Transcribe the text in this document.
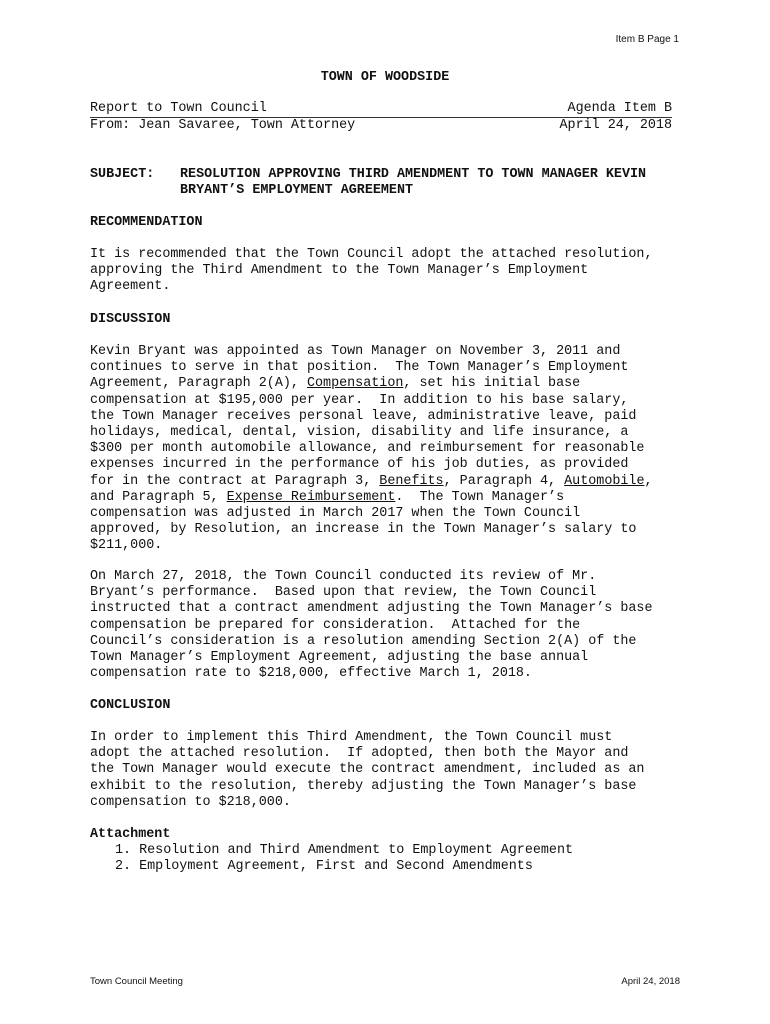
Item B Page 1
TOWN OF WOODSIDE
Report to Town Council	Agenda Item B
From: Jean Savaree, Town Attorney	April 24, 2018
SUBJECT: RESOLUTION APPROVING THIRD AMENDMENT TO TOWN MANAGER KEVIN
BRYANT’S EMPLOYMENT AGREEMENT
RECOMMENDATION
It is recommended that the Town Council adopt the attached resolution,
approving the Third Amendment to the Town Manager’s Employment
Agreement.
DISCUSSION

Kevin Bryant was appointed as Town Manager on November 3, 2011 and

continues to serve in that position.  The Town Manager’s Employment

Agreement, Paragraph 2(A), Compensation, set his initial base

compensation at $195,000 per year.  In addition to his base salary,

the Town Manager receives personal leave, administrative leave, paid

holidays, medical, dental, vision, disability and life insurance, a

$300 per month automobile allowance, and reimbursement for reasonable

expenses incurred in the performance of his job duties, as provided

for in the contract at Paragraph 3, Benefits, Paragraph 4, Automobile,

and Paragraph 5, Expense Reimbursement.  The Town Manager’s

compensation was adjusted in March 2017 when the Town Council

approved, by Resolution, an increase in the Town Manager’s salary to

$211,000.

On March 27, 2018, the Town Council conducted its review of Mr.

Bryant’s performance.  Based upon that review, the Town Council

instructed that a contract amendment adjusting the Town Manager’s base

compensation be prepared for consideration.  Attached for the

Council’s consideration is a resolution amending Section 2(A) of the

Town Manager’s Employment Agreement, adjusting the base annual

compensation rate to $218,000, effective March 1, 2018.

CONCLUSION

In order to implement this Third Amendment, the Town Council must

adopt the attached resolution.  If adopted, then both the Mayor and

the Town Manager would execute the contract amendment, included as an

exhibit to the resolution, thereby adjusting the Town Manager’s base

compensation to $218,000.

Attachment
1. Resolution and Third Amendment to Employment Agreement
2. Employment Agreement, First and Second Amendments
Town Council Meeting	April 24, 2018
